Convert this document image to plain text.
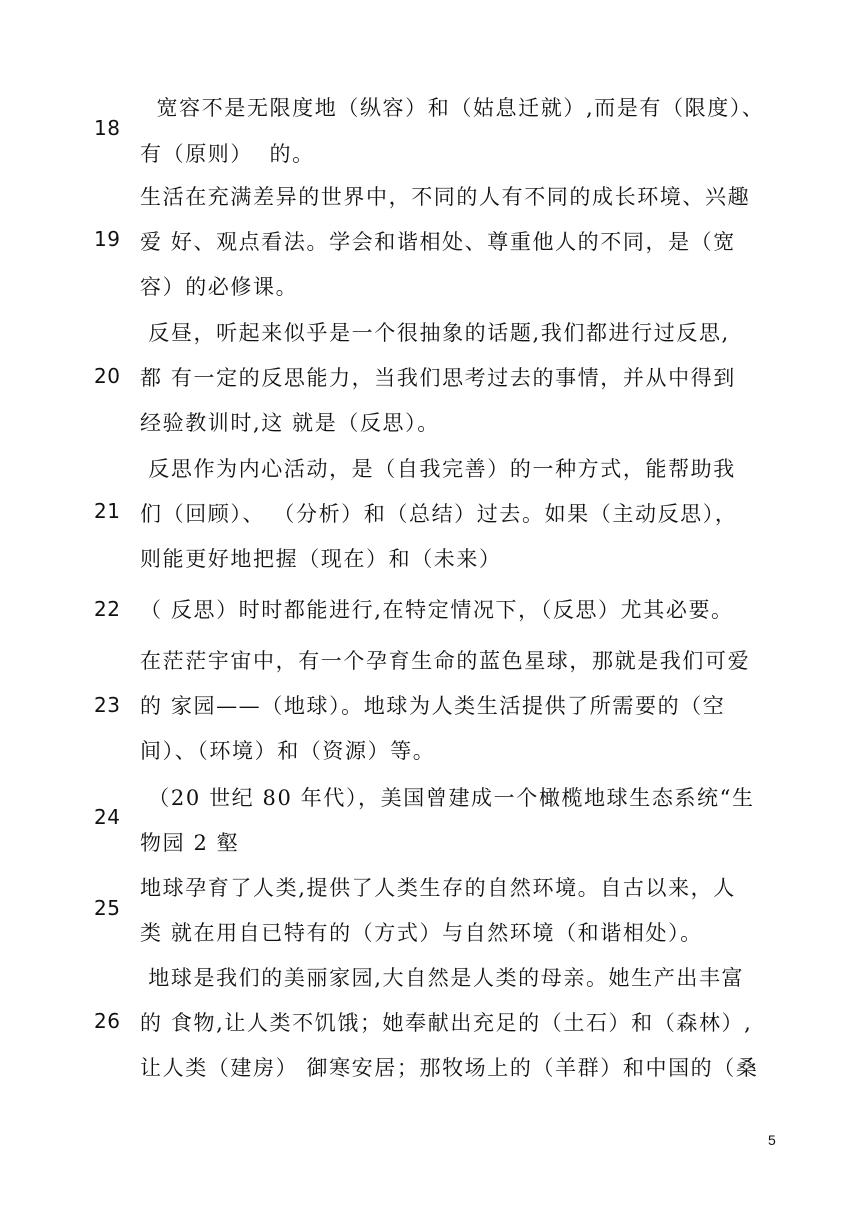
18
宽容不是无限度地（纵容）和（姑息迁就）,而是有（限度）、
有（原则）  的。
19
生活在充满差异的世界中，不同的人有不同的成长环境、兴趣
爱 好、观点看法。学会和谐相处、尊重他人的不同，是（宽
容）的必修课。
20
反昼，听起来似乎是一个很抽象的话题,我们都进行过反思,
都 有一定的反思能力，当我们思考过去的事情，并从中得到
经验教训时,这 就是（反思）。
21
反思作为内心活动，是（自我完善）的一种方式，能帮助我
们（回顾）、 （分析）和（总结）过去。如果（主动反思），
则能更好地把握（现在）和（未来）
22 （ 反思）时时都能进行,在特定情况下，（反思）尤其必要。
23
在茫茫宇宙中，有一个孕育生命的蓝色星球，那就是我们可爱
的 家园——（地球）。地球为人类生活提供了所需要的（空
间）、（环境）和（资源）等。
24
（20 世纪 80 年代），美国曾建成一个橄榄地球生态系统“生
物园 2 壑
25
地球孕育了人类,提供了人类生存的自然环境。自古以来，人
类 就在用自已特有的（方式）与自然环境（和谐相处）。
26
地球是我们的美丽家园,大自然是人类的母亲。她生产出丰富
的 食物,让人类不饥饿；她奉献出充足的（土石）和（森林）,
让人类（建房） 御寒安居；那牧场上的（羊群）和中国的（桑
5
